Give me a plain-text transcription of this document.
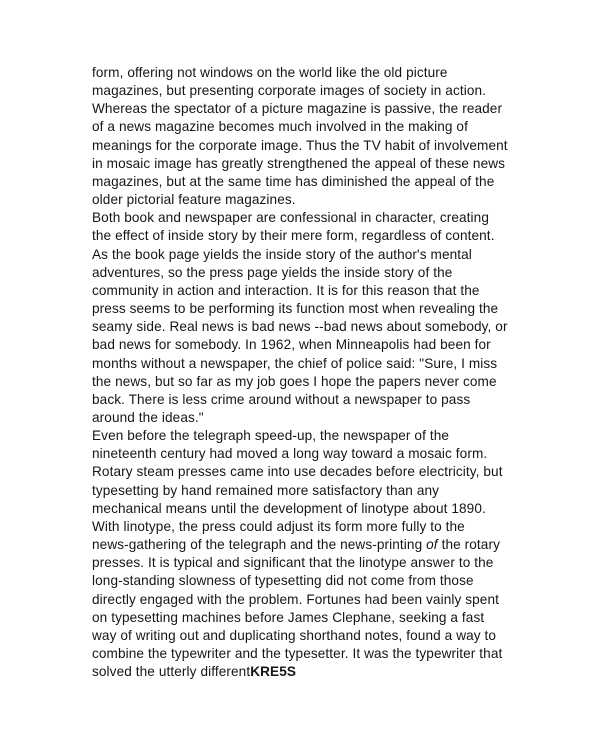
form, offering not windows on the world like the old picture
magazines, but presenting corporate images of society in action.
Whereas the spectator of a picture magazine is passive, the reader
of a news magazine becomes much involved in the making of
meanings for the corporate image. Thus the TV habit of involvement
in mosaic image has greatly strengthened the appeal of these news
magazines, but at the same time has diminished the appeal of the
older pictorial feature magazines.
Both book and newspaper are confessional in character, creating
the effect of inside story by their mere form, regardless of content.
As the book page yields the inside story of the author's mental
adventures, so the press page yields the inside story of the
community in action and interaction. It is for this reason that the
press seems to be performing its function most when revealing the
seamy side. Real news is bad news --bad news about somebody, or
bad news for somebody. In 1962, when Minneapolis had been for
months without a newspaper, the chief of police said: "Sure, I miss
the news, but so far as my job goes I hope the papers never come
back. There is less crime around without a newspaper to pass
around the ideas."
Even before the telegraph speed-up, the newspaper of the
nineteenth century had moved a long way toward a mosaic form.
Rotary steam presses came into use decades before electricity, but
typesetting by hand remained more satisfactory than any
mechanical means until the development of linotype about 1890.
With linotype, the press could adjust its form more fully to the
news-gathering of the telegraph and the news-printing of the rotary
presses. It is typical and significant that the linotype answer to the
long-standing slowness of typesetting did not come from those
directly engaged with the problem. Fortunes had been vainly spent
on typesetting machines before James Clephane, seeking a fast
way of writing out and duplicating shorthand notes, found a way to
combine the typewriter and the typesetter. It was the typewriter that
solved the utterly differentKRE5S
